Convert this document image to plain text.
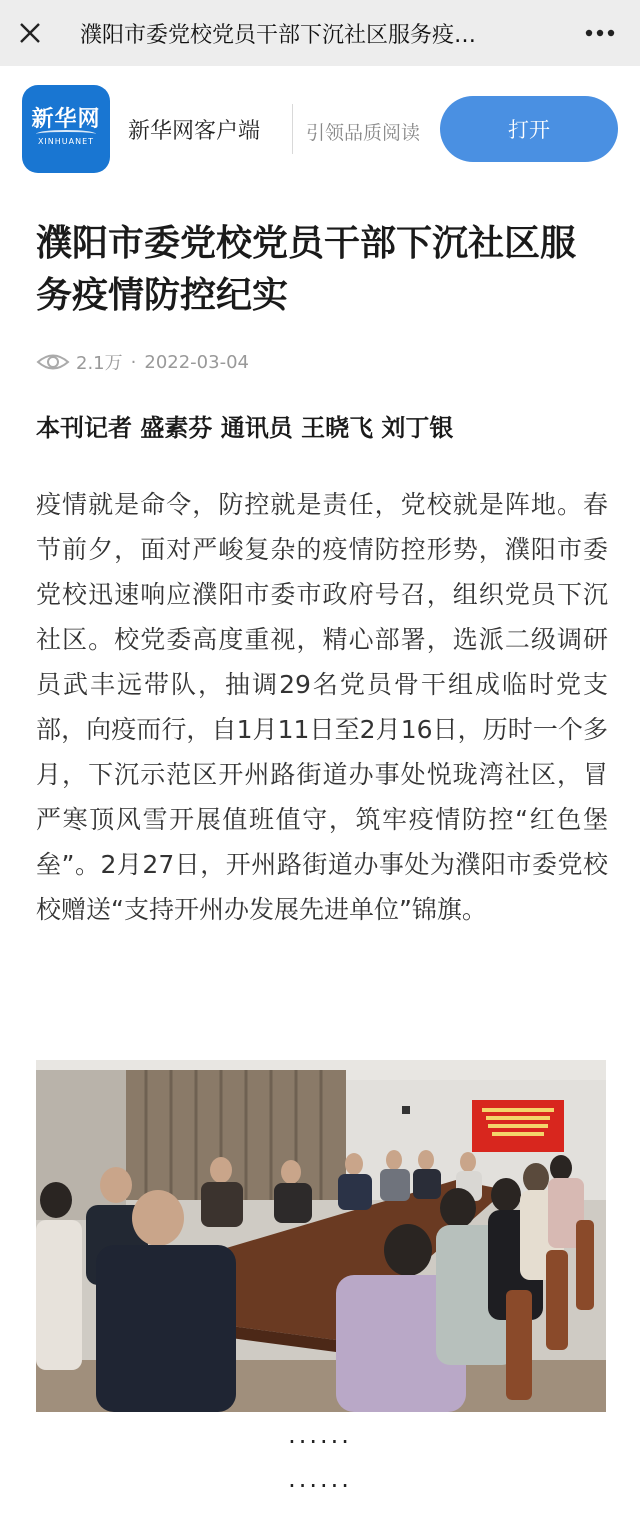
濮阳市委党校党员干部下沉社区服务疫…
新华网
XINHUANET	新华网客户端 引领品质阅读	打开
濮阳市委党校党员干部下沉社区服务疫情防控纪实
2.1万 · 2022-03-04
本刊记者 盛素芬 通讯员 王晓飞 刘丁银
疫情就是命令，防控就是责任，党校就是阵地。春节前夕，面对严峻复杂的疫情防控形势，濮阳市委党校迅速响应濮阳市委市政府号召，组织党员下沉社区。校党委高度重视，精心部署，选派二级调研员武丰远带队，抽调29名党员骨干组成临时党支部，向疫而行，自1月11日至2月16日，历时一个多月，下沉示范区开州路街道办事处悦珑湾社区，冒严寒顶风雪开展值班值守，筑牢疫情防控“红色堡垒”。2月27日，开州路街道办事处为濮阳市委党校校赠送“支持开州办发展先进单位”锦旗。
······
······
